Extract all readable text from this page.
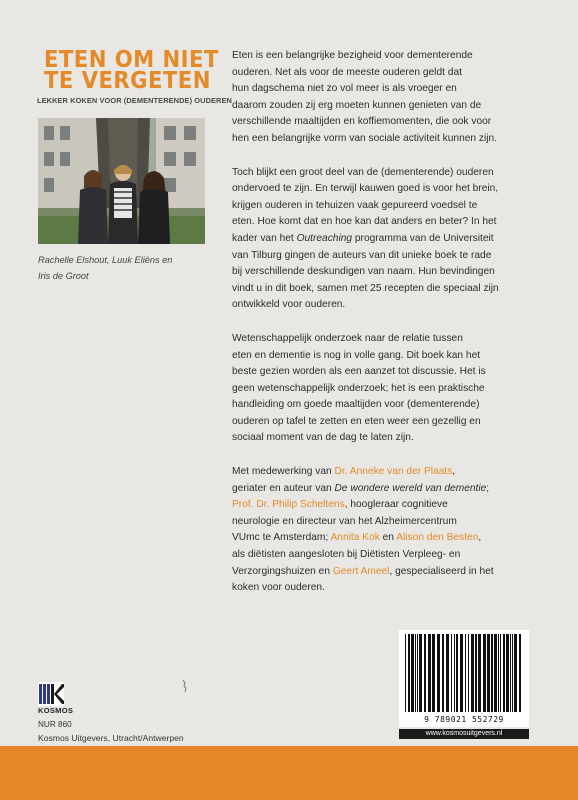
ETEN OM NIET
TE VERGETEN
LEKKER KOKEN VOOR (DEMENTERENDE) OUDEREN
Rachelle Elshout, Luuk Eliëns en
Iris de Groot

Eten is een belangrijke bezigheid voor dementerende
ouderen. Net als voor de meeste ouderen geldt dat
hun dagschema niet zo vol meer is als vroeger en
daarom zouden zij erg moeten kunnen genieten van de
verschillende maaltijden en koffiemomenten, die ook voor
hen een belangrijke vorm van sociale activiteit kunnen zijn.

Toch blijkt een groot deel van de (dementerende) ouderen
ondervoed te zijn. En terwijl kauwen goed is voor het brein,
krijgen ouderen in tehuizen vaak gepureerd voedsel te
eten. Hoe komt dat en hoe kan dat anders en beter? In het
kader van het Outreaching programma van de Universiteit
van Tilburg gingen de auteurs van dit unieke boek te rade
bij verschillende deskundigen van naam. Hun bevindingen
vindt u in dit boek, samen met 25 recepten die speciaal zijn
ontwikkeld voor ouderen.

Wetenschappelijk onderzoek naar de relatie tussen
eten en dementie is nog in volle gang. Dit boek kan het
beste gezien worden als een aanzet tot discussie. Het is
geen wetenschappelijk onderzoek; het is een praktische
handleiding om goede maaltijden voor (dementerende)
ouderen op tafel te zetten en eten weer een gezellig en
sociaal moment van de dag te laten zijn.

Met medewerking van Dr. Anneke van der Plaats,
geriater en auteur van De wondere wereld van dementie;
Prof. Dr. Philip Scheltens, hoogleraar cognitieve
neurologie en directeur van het Alzheimercentrum
VUmc te Amsterdam; Annita Kok en Alison den Besten,
als diëtisten aangesloten bij Diëtisten Verpleeg- en
Verzorgingshuizen en Geert Ameel, gespecialiseerd in het
koken voor ouderen.

KOSMOS
NUR 860
Kosmos Uitgevers, Utracht/Antwerpen
9 789021 552729
www.kosmosuitgevers.nl
